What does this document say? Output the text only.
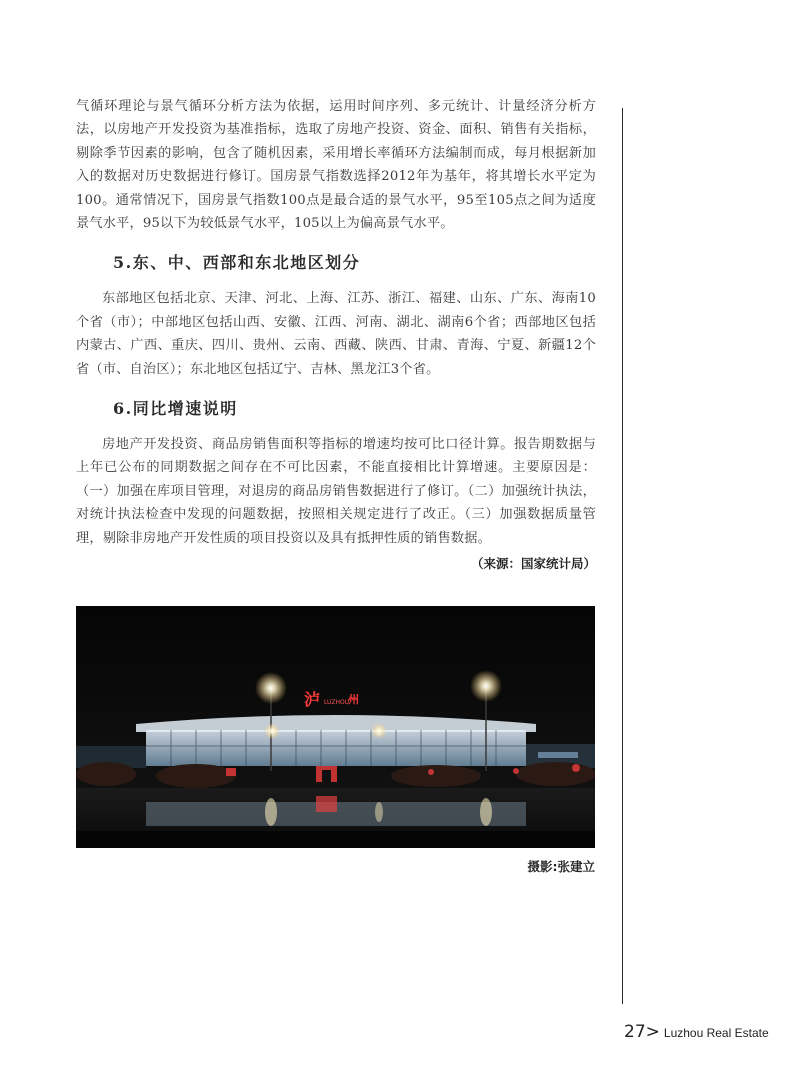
气循环理论与景气循环分析方法为依据，运用时间序列、多元统计、计量经济分析方法，以房地产开发投资为基准指标，选取了房地产投资、资金、面积、销售有关指标，剔除季节因素的影响，包含了随机因素，采用增长率循环方法编制而成，每月根据新加入的数据对历史数据进行修订。国房景气指数选择2012年为基年，将其增长水平定为100。通常情况下，国房景气指数100点是最合适的景气水平，95至105点之间为适度景气水平，95以下为较低景气水平，105以上为偏高景气水平。

5.东、中、西部和东北地区划分

东部地区包括北京、天津、河北、上海、江苏、浙江、福建、山东、广东、海南10个省（市）；中部地区包括山西、安徽、江西、河南、湖北、湖南6个省；西部地区包括内蒙古、广西、重庆、四川、贵州、云南、西藏、陕西、甘肃、青海、宁夏、新疆12个省（市、自治区）；东北地区包括辽宁、吉林、黑龙江3个省。

6.同比增速说明

房地产开发投资、商品房销售面积等指标的增速均按可比口径计算。报告期数据与上年已公布的同期数据之间存在不可比因素，不能直接相比计算增速。主要原因是：（一）加强在库项目管理，对退房的商品房销售数据进行了修订。（二）加强统计执法，对统计执法检查中发现的问题数据，按照相关规定进行了改正。（三）加强数据质量管理，剔除非房地产开发性质的项目投资以及具有抵押性质的销售数据。

（来源：国家统计局）
泸 LUZHOU
州
摄影:张建立
27> Luzhou Real Estate
